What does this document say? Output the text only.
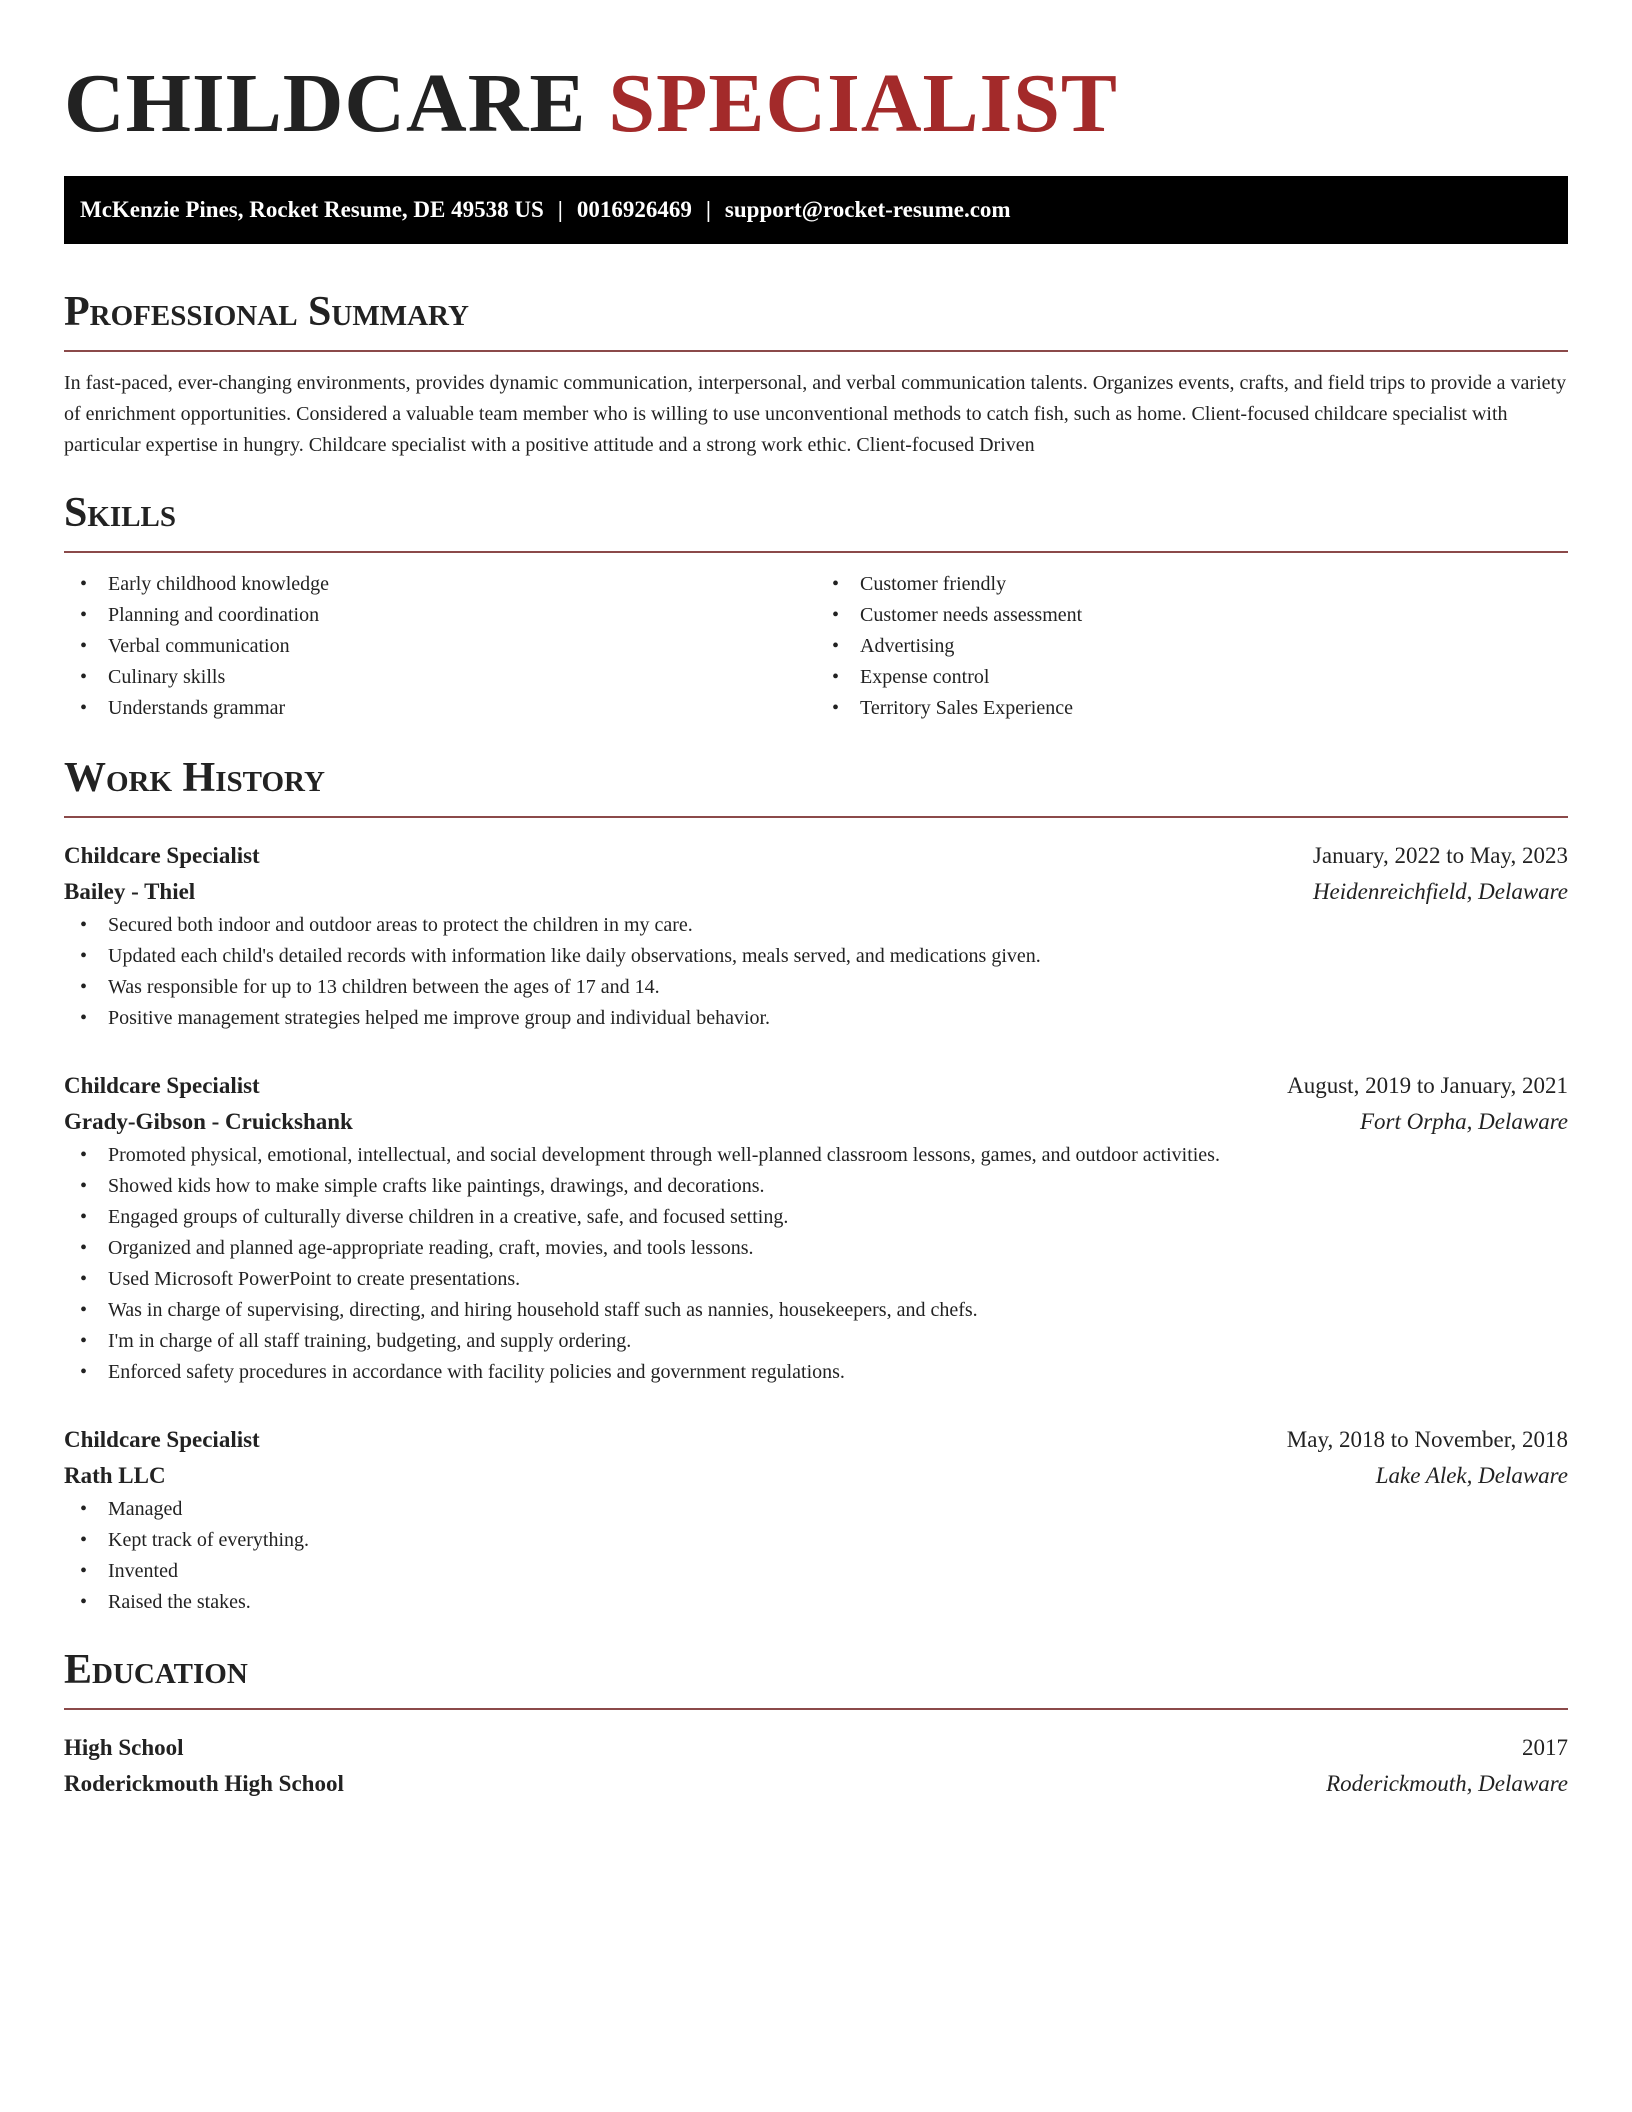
CHILDCARE SPECIALIST
McKenzie Pines, Rocket Resume, DE 49538 US | 0016926469 | support@rocket-resume.com
Professional Summary

In fast-paced, ever-changing environments, provides dynamic communication, interpersonal, and verbal communication talents. Organizes events, crafts, and field trips to provide a variety of enrichment opportunities. Considered a valuable team member who is willing to use unconventional methods to catch fish, such as home. Client-focused childcare specialist with particular expertise in hungry. Childcare specialist with a positive attitude and a strong work ethic. Client-focused Driven

Skills
• Early childhood knowledge
• Planning and coordination
• Verbal communication
• Culinary skills
• Understands grammar
• Customer friendly
• Customer needs assessment
• Advertising
• Expense control
• Territory Sales Experience
Work History
Childcare Specialist	January, 2022 to May, 2023
Bailey - Thiel	Heidenreichfield, Delaware
• Secured both indoor and outdoor areas to protect the children in my care.
• Updated each child's detailed records with information like daily observations, meals served, and medications given.
• Was responsible for up to 13 children between the ages of 17 and 14.
• Positive management strategies helped me improve group and individual behavior.
Childcare Specialist	August, 2019 to January, 2021
Grady-Gibson - Cruickshank	Fort Orpha, Delaware
• Promoted physical, emotional, intellectual, and social development through well-planned classroom lessons, games, and outdoor activities.
• Showed kids how to make simple crafts like paintings, drawings, and decorations.
• Engaged groups of culturally diverse children in a creative, safe, and focused setting.
• Organized and planned age-appropriate reading, craft, movies, and tools lessons.
• Used Microsoft PowerPoint to create presentations.
• Was in charge of supervising, directing, and hiring household staff such as nannies, housekeepers, and chefs.
• I'm in charge of all staff training, budgeting, and supply ordering.
• Enforced safety procedures in accordance with facility policies and government regulations.
Childcare Specialist	May, 2018 to November, 2018
Rath LLC	Lake Alek, Delaware
• Managed
• Kept track of everything.
• Invented
• Raised the stakes.
Education
High School	2017
Roderickmouth High School	Roderickmouth, Delaware
